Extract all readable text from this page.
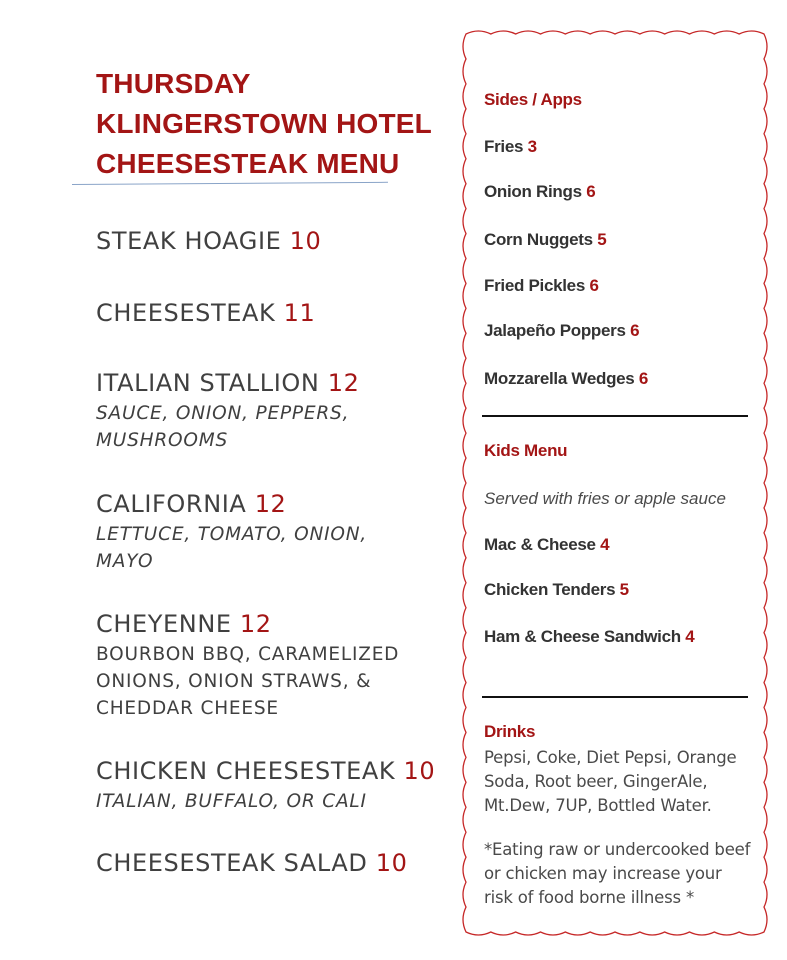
THURSDAY
KLINGERSTOWN HOTEL
CHEESESTEAK MENU
STEAK HOAGIE 10
CHEESESTEAK 11
ITALIAN STALLION 12
SAUCE, ONION, PEPPERS, MUSHROOMS
CALIFORNIA 12
LETTUCE, TOMATO, ONION, MAYO
CHEYENNE 12
BOURBON BBQ, CARAMELIZED ONIONS, ONION STRAWS, & CHEDDAR CHEESE
CHICKEN CHEESESTEAK 10
ITALIAN, BUFFALO, OR CALI
CHEESESTEAK SALAD 10
Sides / Apps
Fries 3
Onion Rings 6
Corn Nuggets 5
Fried Pickles 6
Jalapeño Poppers 6
Mozzarella Wedges 6
Kids Menu
Served with fries or apple sauce
Mac & Cheese 4
Chicken Tenders 5
Ham & Cheese Sandwich 4
Drinks
Pepsi, Coke, Diet Pepsi, Orange Soda, Root beer, GingerAle, Mt.Dew, 7UP, Bottled Water.
*Eating raw or undercooked beef or chicken may increase your risk of food borne illness *
